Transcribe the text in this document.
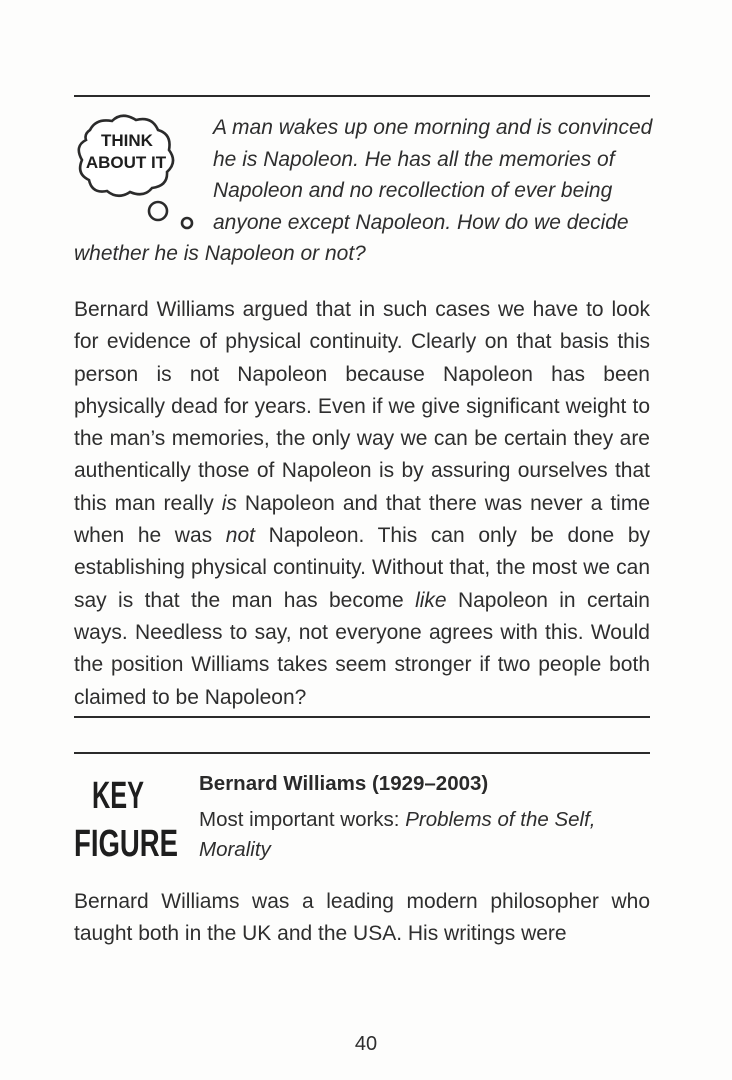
THINK
ABOUT IT

A man wakes up one morning and is convinced he is Napoleon. He has all the memories of Napoleon and no recollection of ever being anyone except Napoleon. How do we decide whether he is Napoleon or not?

Bernard Williams argued that in such cases we have to look for evidence of physical continuity. Clearly on that basis this person is not Napoleon because Napoleon has been physically dead for years. Even if we give significant weight to the man’s memories, the only way we can be certain they are authentically those of Napoleon is by assuring ourselves that this man really is Napoleon and that there was never a time when he was not Napoleon. This can only be done by establishing physical continuity. Without that, the most we can say is that the man has become like Napoleon in certain ways. Needless to say, not everyone agrees with this. Would the position Williams takes seem stronger if two people both claimed to be Napoleon?

KEY
FIGURE
Bernard Williams (1929–2003)
Most important works: Problems of the Self, Morality

Bernard Williams was a leading modern philosopher who taught both in the UK and the USA. His writings were

40
